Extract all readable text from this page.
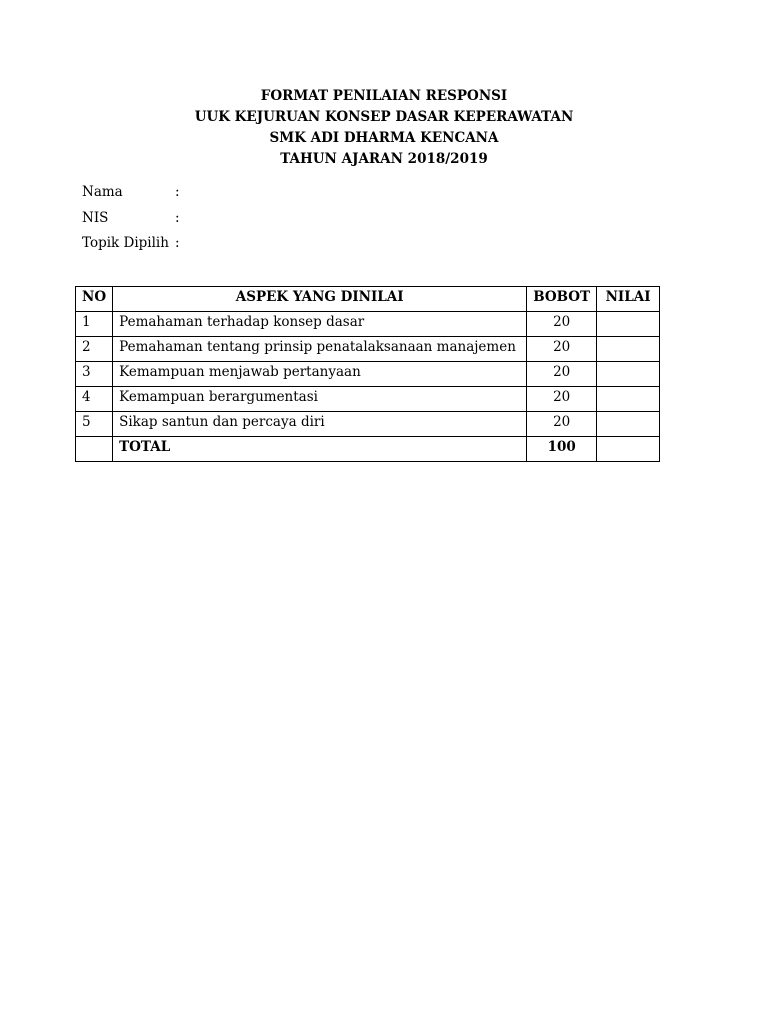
FORMAT PENILAIAN RESPONSI
UUK KEJURUAN KONSEP DASAR KEPERAWATAN
SMK ADI DHARMA KENCANA
TAHUN AJARAN 2018/2019
Nama	:
NIS	:
Topik Dipilih :
NO	ASPEK YANG DINILAI	BOBOT	NILAI
1	Pemahaman terhadap konsep dasar	20	
2	Pemahaman tentang prinsip penatalaksanaan manajemen	20	
3	Kemampuan menjawab pertanyaan	20	
4	Kemampuan berargumentasi	20	
5	Sikap santun dan percaya diri	20	
	TOTAL	100	
